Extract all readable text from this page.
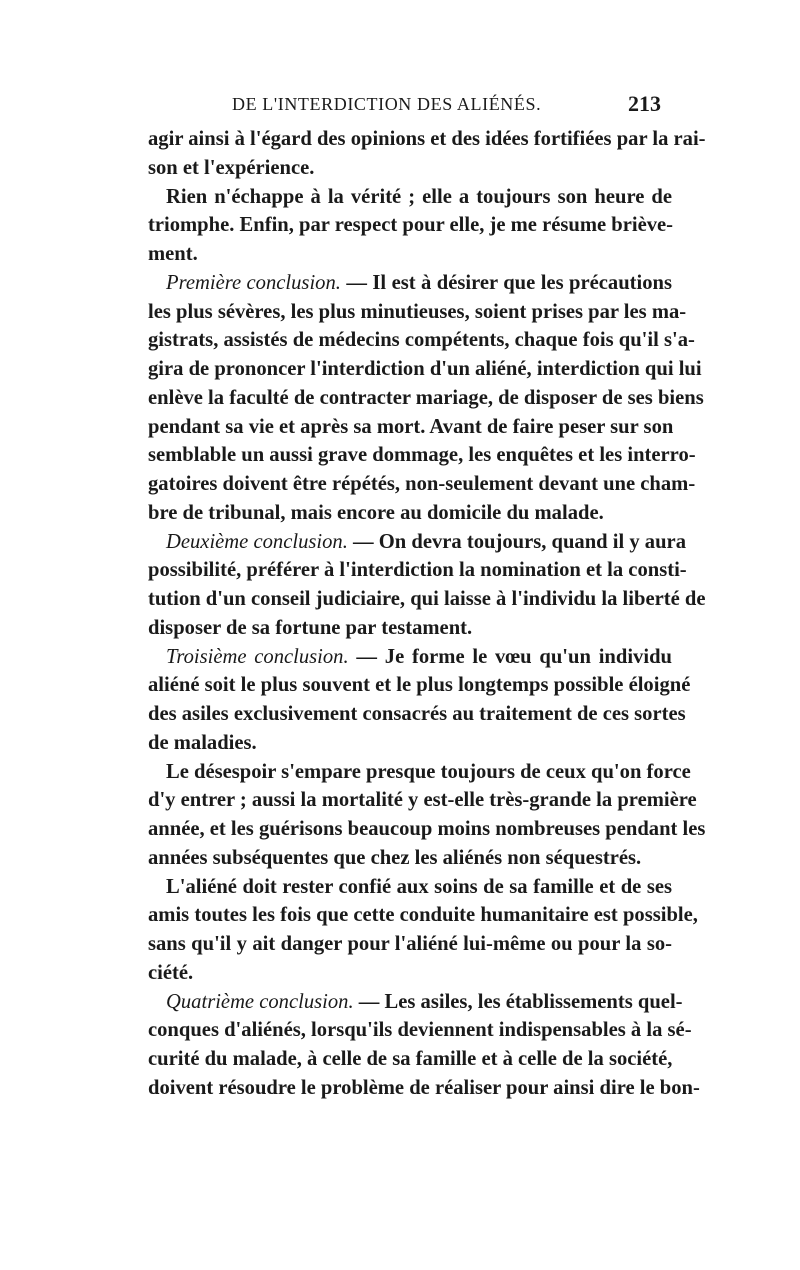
DE L'INTERDICTION DES ALIÉNÉS.	213
agir ainsi à l'égard des opinions et des idées fortifiées par la rai-
son et l'expérience.
Rien n'échappe à la vérité ; elle a toujours son heure de
triomphe. Enfin, par respect pour elle, je me résume briève-
ment.
Première conclusion. — Il est à désirer que les précautions
les plus sévères, les plus minutieuses, soient prises par les ma-
gistrats, assistés de médecins compétents, chaque fois qu'il s'a-
gira de prononcer l'interdiction d'un aliéné, interdiction qui lui
enlève la faculté de contracter mariage, de disposer de ses biens
pendant sa vie et après sa mort. Avant de faire peser sur son
semblable un aussi grave dommage, les enquêtes et les interro-
gatoires doivent être répétés, non-seulement devant une cham-
bre de tribunal, mais encore au domicile du malade.
Deuxième conclusion. — On devra toujours, quand il y aura
possibilité, préférer à l'interdiction la nomination et la consti-
tution d'un conseil judiciaire, qui laisse à l'individu la liberté de
disposer de sa fortune par testament.
Troisième conclusion. — Je forme le vœu qu'un individu
aliéné soit le plus souvent et le plus longtemps possible éloigné
des asiles exclusivement consacrés au traitement de ces sortes
de maladies.
Le désespoir s'empare presque toujours de ceux qu'on force
d'y entrer ; aussi la mortalité y est-elle très-grande la première
année, et les guérisons beaucoup moins nombreuses pendant les
années subséquentes que chez les aliénés non séquestrés.
L'aliéné doit rester confié aux soins de sa famille et de ses
amis toutes les fois que cette conduite humanitaire est possible,
sans qu'il y ait danger pour l'aliéné lui-même ou pour la so-
ciété.
Quatrième conclusion. — Les asiles, les établissements quel-
conques d'aliénés, lorsqu'ils deviennent indispensables à la sé-
curité du malade, à celle de sa famille et à celle de la société,
doivent résoudre le problème de réaliser pour ainsi dire le bon-
